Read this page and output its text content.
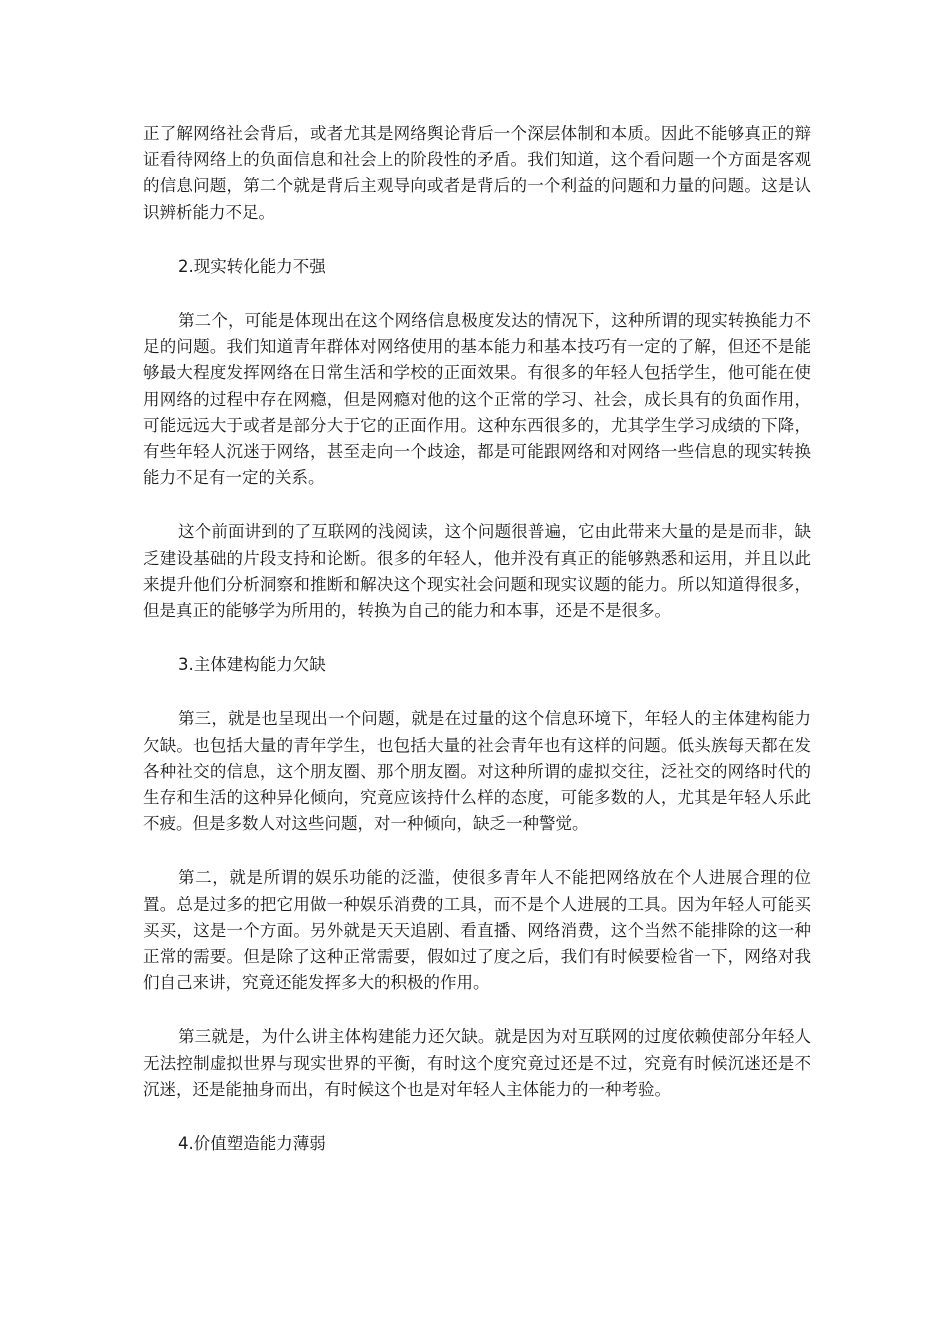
正了解网络社会背后，或者尤其是网络舆论背后一个深层体制和本质。因此不能够真正的辩证看待网络上的负面信息和社会上的阶段性的矛盾。我们知道，这个看问题一个方面是客观的信息问题，第二个就是背后主观导向或者是背后的一个利益的问题和力量的问题。这是认识辨析能力不足。

2.现实转化能力不强

第二个，可能是体现出在这个网络信息极度发达的情况下，这种所谓的现实转换能力不足的问题。我们知道青年群体对网络使用的基本能力和基本技巧有一定的了解，但还不是能够最大程度发挥网络在日常生活和学校的正面效果。有很多的年轻人包括学生，他可能在使用网络的过程中存在网瘾，但是网瘾对他的这个正常的学习、社会，成长具有的负面作用，可能远远大于或者是部分大于它的正面作用。这种东西很多的，尤其学生学习成绩的下降，有些年轻人沉迷于网络，甚至走向一个歧途，都是可能跟网络和对网络一些信息的现实转换能力不足有一定的关系。

这个前面讲到的了互联网的浅阅读，这个问题很普遍，它由此带来大量的是是而非，缺乏建设基础的片段支持和论断。很多的年轻人，他并没有真正的能够熟悉和运用，并且以此来提升他们分析洞察和推断和解决这个现实社会问题和现实议题的能力。所以知道得很多，但是真正的能够学为所用的，转换为自己的能力和本事，还是不是很多。

3.主体建构能力欠缺

第三，就是也呈现出一个问题，就是在过量的这个信息环境下，年轻人的主体建构能力欠缺。也包括大量的青年学生，也包括大量的社会青年也有这样的问题。低头族每天都在发各种社交的信息，这个朋友圈、那个朋友圈。对这种所谓的虚拟交往，泛社交的网络时代的生存和生活的这种异化倾向，究竟应该持什么样的态度，可能多数的人，尤其是年轻人乐此不疲。但是多数人对这些问题，对一种倾向，缺乏一种警觉。

第二，就是所谓的娱乐功能的泛滥，使很多青年人不能把网络放在个人进展合理的位置。总是过多的把它用做一种娱乐消费的工具，而不是个人进展的工具。因为年轻人可能买买买，这是一个方面。另外就是天天追剧、看直播、网络消费，这个当然不能排除的这一种正常的需要。但是除了这种正常需要，假如过了度之后，我们有时候要检省一下，网络对我们自己来讲，究竟还能发挥多大的积极的作用。

第三就是，为什么讲主体构建能力还欠缺。就是因为对互联网的过度依赖使部分年轻人无法控制虚拟世界与现实世界的平衡，有时这个度究竟过还是不过，究竟有时候沉迷还是不沉迷，还是能抽身而出，有时候这个也是对年轻人主体能力的一种考验。

4.价值塑造能力薄弱
